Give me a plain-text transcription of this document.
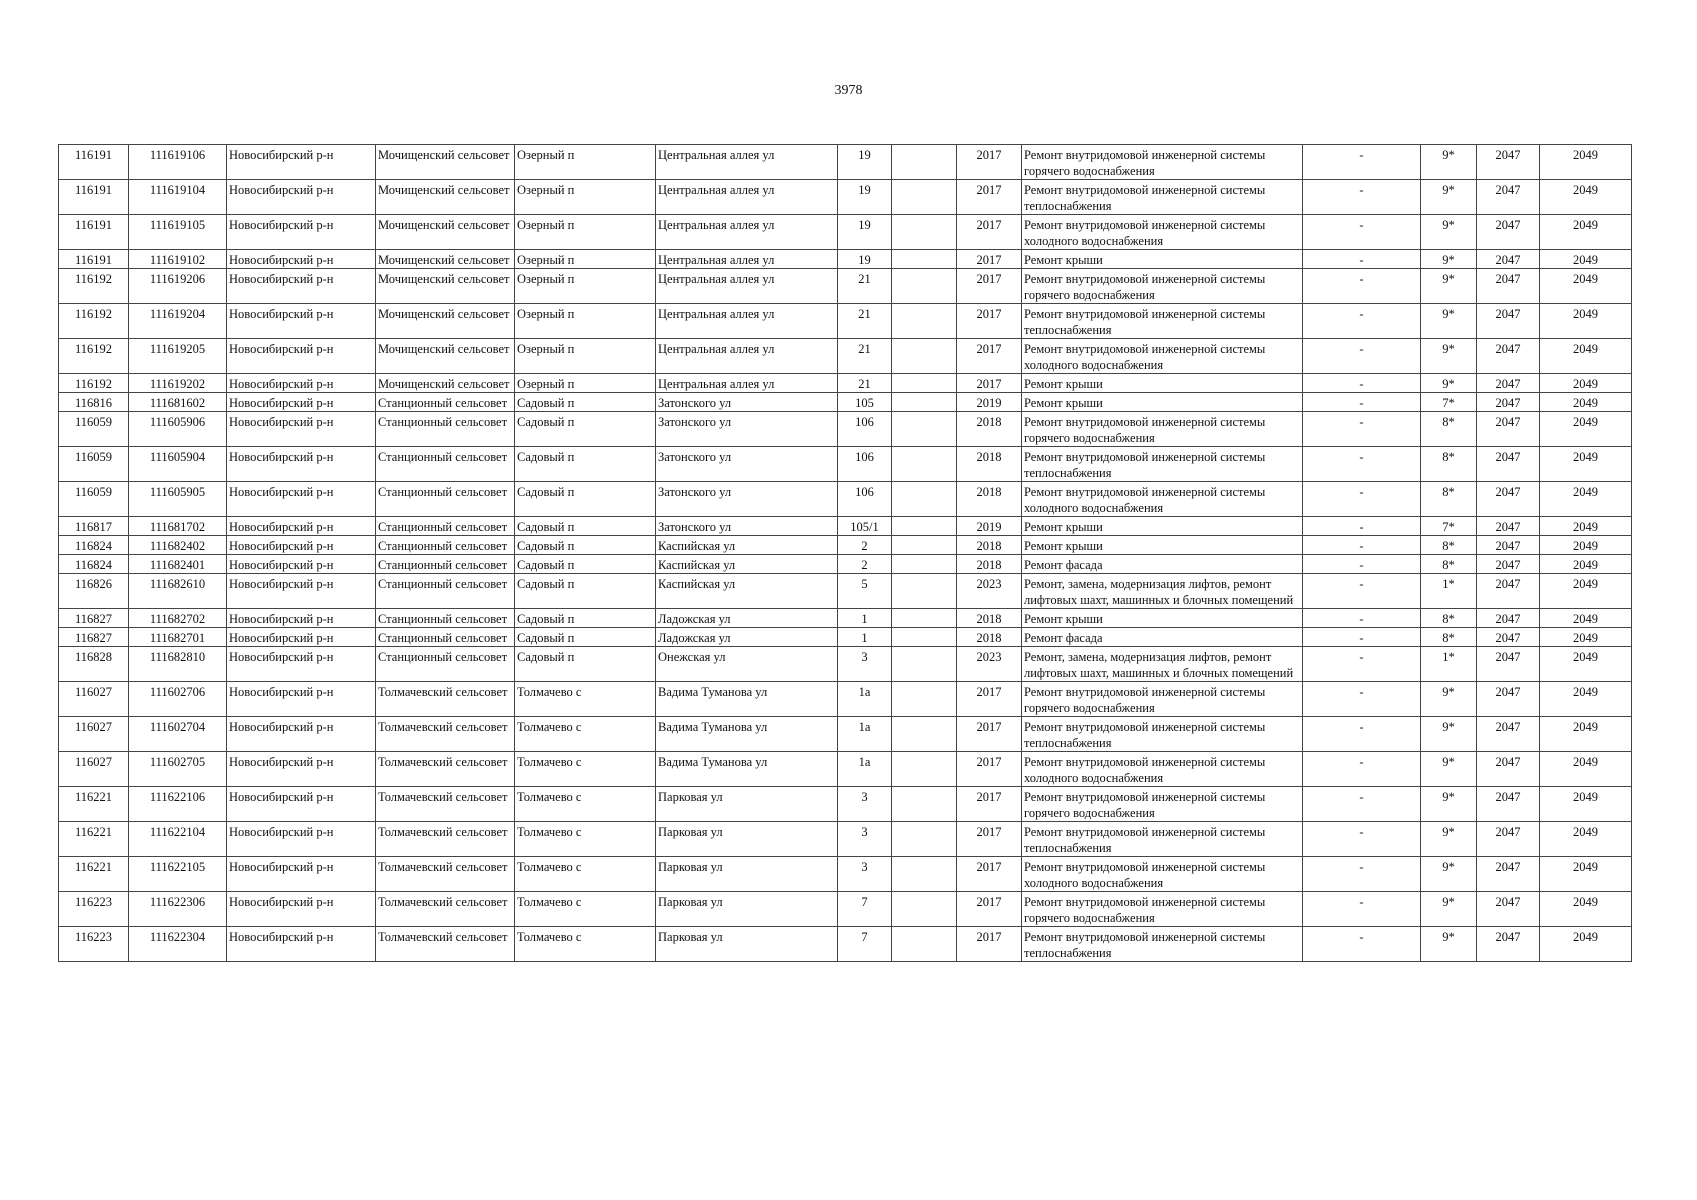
3978
116191	111619106	Новосибирский р-н	Мочищенский сельсовет	Озерный п	Центральная аллея ул	19		2017	Ремонт внутридомовой инженерной системы горячего водоснабжения	-	9*	2047	2049
116191	111619104	Новосибирский р-н	Мочищенский сельсовет	Озерный п	Центральная аллея ул	19		2017	Ремонт внутридомовой инженерной системы теплоснабжения	-	9*	2047	2049
116191	111619105	Новосибирский р-н	Мочищенский сельсовет	Озерный п	Центральная аллея ул	19		2017	Ремонт внутридомовой инженерной системы холодного водоснабжения	-	9*	2047	2049
116191	111619102	Новосибирский р-н	Мочищенский сельсовет	Озерный п	Центральная аллея ул	19		2017	Ремонт крыши	-	9*	2047	2049
116192	111619206	Новосибирский р-н	Мочищенский сельсовет	Озерный п	Центральная аллея ул	21		2017	Ремонт внутридомовой инженерной системы горячего водоснабжения	-	9*	2047	2049
116192	111619204	Новосибирский р-н	Мочищенский сельсовет	Озерный п	Центральная аллея ул	21		2017	Ремонт внутридомовой инженерной системы теплоснабжения	-	9*	2047	2049
116192	111619205	Новосибирский р-н	Мочищенский сельсовет	Озерный п	Центральная аллея ул	21		2017	Ремонт внутридомовой инженерной системы холодного водоснабжения	-	9*	2047	2049
116192	111619202	Новосибирский р-н	Мочищенский сельсовет	Озерный п	Центральная аллея ул	21		2017	Ремонт крыши	-	9*	2047	2049
116816	111681602	Новосибирский р-н	Станционный сельсовет	Садовый п	Затонского ул	105		2019	Ремонт крыши	-	7*	2047	2049
116059	111605906	Новосибирский р-н	Станционный сельсовет	Садовый п	Затонского ул	106		2018	Ремонт внутридомовой инженерной системы горячего водоснабжения	-	8*	2047	2049
116059	111605904	Новосибирский р-н	Станционный сельсовет	Садовый п	Затонского ул	106		2018	Ремонт внутридомовой инженерной системы теплоснабжения	-	8*	2047	2049
116059	111605905	Новосибирский р-н	Станционный сельсовет	Садовый п	Затонского ул	106		2018	Ремонт внутридомовой инженерной системы холодного водоснабжения	-	8*	2047	2049
116817	111681702	Новосибирский р-н	Станционный сельсовет	Садовый п	Затонского ул	105/1		2019	Ремонт крыши	-	7*	2047	2049
116824	111682402	Новосибирский р-н	Станционный сельсовет	Садовый п	Каспийская ул	2		2018	Ремонт крыши	-	8*	2047	2049
116824	111682401	Новосибирский р-н	Станционный сельсовет	Садовый п	Каспийская ул	2		2018	Ремонт фасада	-	8*	2047	2049
116826	111682610	Новосибирский р-н	Станционный сельсовет	Садовый п	Каспийская ул	5		2023	Ремонт, замена, модернизация лифтов, ремонт лифтовых шахт, машинных и блочных помещений	-	1*	2047	2049
116827	111682702	Новосибирский р-н	Станционный сельсовет	Садовый п	Ладожская ул	1		2018	Ремонт крыши	-	8*	2047	2049
116827	111682701	Новосибирский р-н	Станционный сельсовет	Садовый п	Ладожская ул	1		2018	Ремонт фасада	-	8*	2047	2049
116828	111682810	Новосибирский р-н	Станционный сельсовет	Садовый п	Онежская ул	3		2023	Ремонт, замена, модернизация лифтов, ремонт лифтовых шахт, машинных и блочных помещений	-	1*	2047	2049
116027	111602706	Новосибирский р-н	Толмачевский сельсовет	Толмачево с	Вадима Туманова ул	1а		2017	Ремонт внутридомовой инженерной системы горячего водоснабжения	-	9*	2047	2049
116027	111602704	Новосибирский р-н	Толмачевский сельсовет	Толмачево с	Вадима Туманова ул	1а		2017	Ремонт внутридомовой инженерной системы теплоснабжения	-	9*	2047	2049
116027	111602705	Новосибирский р-н	Толмачевский сельсовет	Толмачево с	Вадима Туманова ул	1а		2017	Ремонт внутридомовой инженерной системы холодного водоснабжения	-	9*	2047	2049
116221	111622106	Новосибирский р-н	Толмачевский сельсовет	Толмачево с	Парковая ул	3		2017	Ремонт внутридомовой инженерной системы горячего водоснабжения	-	9*	2047	2049
116221	111622104	Новосибирский р-н	Толмачевский сельсовет	Толмачево с	Парковая ул	3		2017	Ремонт внутридомовой инженерной системы теплоснабжения	-	9*	2047	2049
116221	111622105	Новосибирский р-н	Толмачевский сельсовет	Толмачево с	Парковая ул	3		2017	Ремонт внутридомовой инженерной системы холодного водоснабжения	-	9*	2047	2049
116223	111622306	Новосибирский р-н	Толмачевский сельсовет	Толмачево с	Парковая ул	7		2017	Ремонт внутридомовой инженерной системы горячего водоснабжения	-	9*	2047	2049
116223	111622304	Новосибирский р-н	Толмачевский сельсовет	Толмачево с	Парковая ул	7		2017	Ремонт внутридомовой инженерной системы теплоснабжения	-	9*	2047	2049
